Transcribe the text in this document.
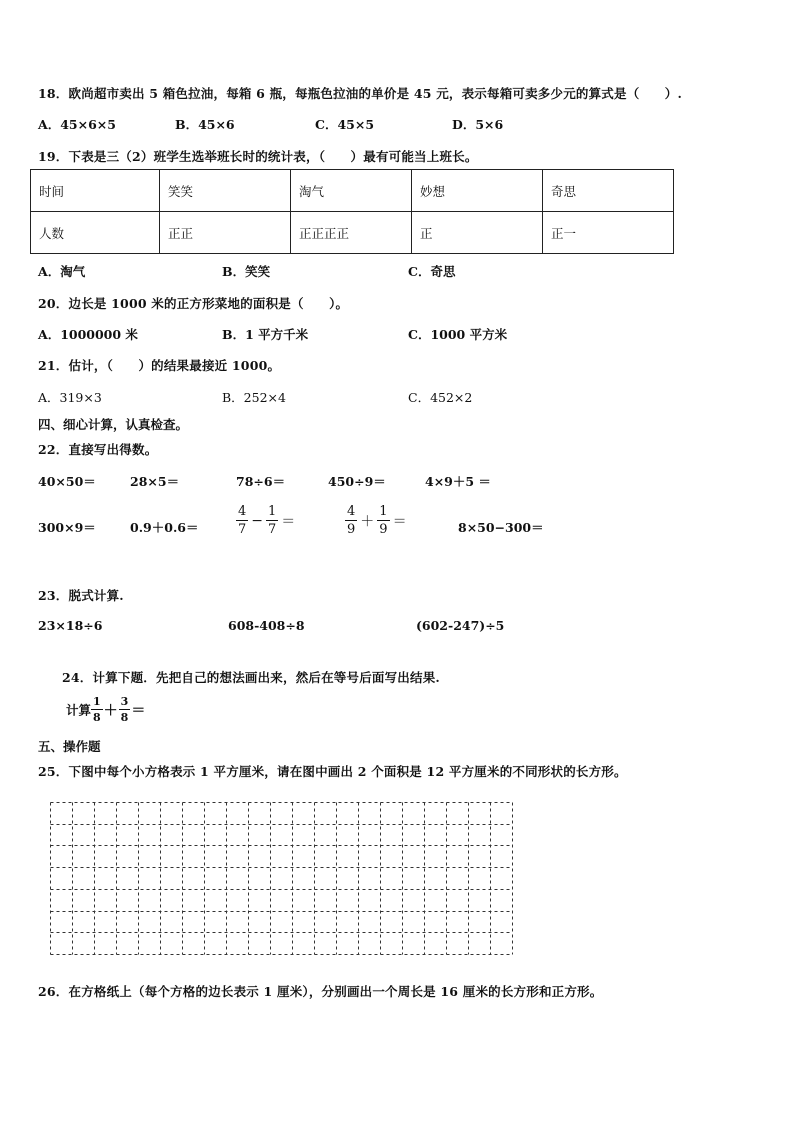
18．欧尚超市卖出 5 箱色拉油，每箱 6 瓶，每瓶色拉油的单价是 45 元，表示每箱可卖多少元的算式是（　　）.
A．45×6×5	B．45×6	C．45×5	D．5×6
19．下表是三（2）班学生选举班长时的统计表，（　　）最有可能当上班长。
时间	笑笑	淘气	妙想	奇思
人数	正正	正正正正	正	正一
A．淘气	B．笑笑	C．奇思
20．边长是 1000 米的正方形菜地的面积是（　　）。
A．1000000 米	B．1 平方千米	C．1000 平方米
21．估计，（　　）的结果最接近 1000。
A．319×3	B．252×4	C．452×2
四、细心计算，认真检查。
22．直接写出得数。
40×50＝	28×5＝	78÷6＝	450÷9＝	4×9＋5 ＝
300×9＝	0.9＋0.6＝	$\frac{4}{7} - \frac{1}{7}$ ＝	$\frac{4}{9} + \frac{1}{9}$ ＝	8×50−300＝
23．脱式计算.
23×18÷6	608-408÷8	(602-247)÷5
24．计算下题．先把自己的想法画出来，然后在等号后面写出结果.
计算 $\frac{1}{8} + \frac{3}{8}$ ＝
五、操作题
25．下图中每个小方格表示 1 平方厘米，请在图中画出 2 个面积是 12 平方厘米的不同形状的长方形。
26．在方格纸上（每个方格的边长表示 1 厘米），分别画出一个周长是 16 厘米的长方形和正方形。
